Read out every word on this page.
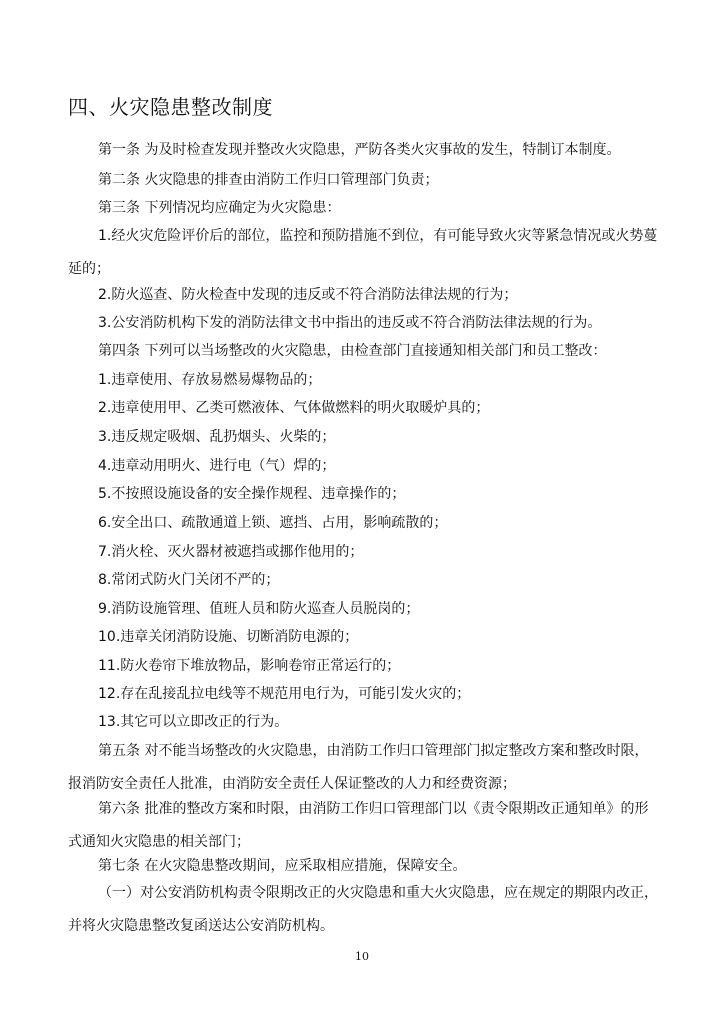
四、火灾隐患整改制度
第一条 为及时检查发现并整改火灾隐患，严防各类火灾事故的发生，特制订本制度。
第二条 火灾隐患的排查由消防工作归口管理部门负责；
第三条 下列情况均应确定为火灾隐患：
1.经火灾危险评价后的部位，监控和预防措施不到位，有可能导致火灾等紧急情况或火势蔓延的；
2.防火巡查、防火检查中发现的违反或不符合消防法律法规的行为；
3.公安消防机构下发的消防法律文书中指出的违反或不符合消防法律法规的行为。
第四条 下列可以当场整改的火灾隐患，由检查部门直接通知相关部门和员工整改：
1.违章使用、存放易燃易爆物品的；
2.违章使用甲、乙类可燃液体、气体做燃料的明火取暖炉具的；
3.违反规定吸烟、乱扔烟头、火柴的；
4.违章动用明火、进行电（气）焊的；
5.不按照设施设备的安全操作规程、违章操作的；
6.安全出口、疏散通道上锁、遮挡、占用，影响疏散的；
7.消火栓、灭火器材被遮挡或挪作他用的；
8.常闭式防火门关闭不严的；
9.消防设施管理、值班人员和防火巡查人员脱岗的；
10.违章关闭消防设施、切断消防电源的；
11.防火卷帘下堆放物品，影响卷帘正常运行的；
12.存在乱接乱拉电线等不规范用电行为，可能引发火灾的；
13.其它可以立即改正的行为。
第五条 对不能当场整改的火灾隐患，由消防工作归口管理部门拟定整改方案和整改时限，报消防安全责任人批准，由消防安全责任人保证整改的人力和经费资源；
第六条 批准的整改方案和时限，由消防工作归口管理部门以《责令限期改正通知单》的形式通知火灾隐患的相关部门；
第七条 在火灾隐患整改期间，应采取相应措施，保障安全。
（一）对公安消防机构责令限期改正的火灾隐患和重大火灾隐患，应在规定的期限内改正，并将火灾隐患整改复函送达公安消防机构。
10
